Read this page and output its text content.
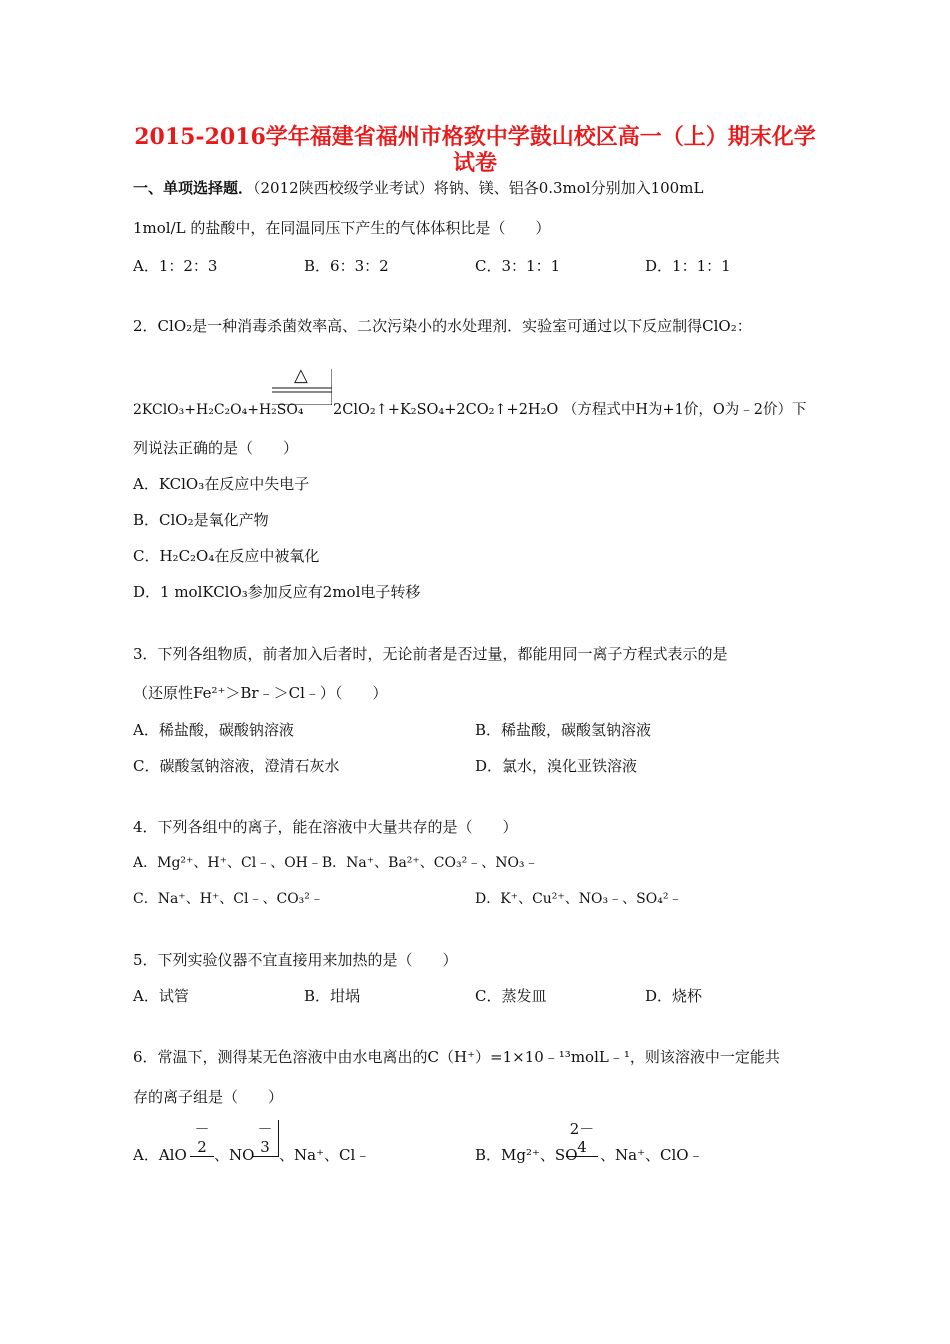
2015-2016学年福建省福州市格致中学鼓山校区高一（上）期末化学
试卷
一、单项选择题．（2012陕西校级学业考试）将钠、镁、铝各0.3mol分别加入100mL
1mol/L 的盐酸中，在同温同压下产生的气体体积比是（　　）
A．1：2：3	B．6：3：2	C．3：1：1	D．1：1：1
2．ClO₂是一种消毒杀菌效率高、二次污染小的水处理剂．实验室可通过以下反应制得ClO₂：
△
2KClO₃+H₂C₂O₄+H₂SO₄ 2ClO₂↑+K₂SO₄+2CO₂↑+2H₂O （方程式中H为+1价，O为﹣2价）下
列说法正确的是（　　）
A．KClO₃在反应中失电子
B．ClO₂是氧化产物
C．H₂C₂O₄在反应中被氧化
D．1 molKClO₃参加反应有2mol电子转移
3．下列各组物质，前者加入后者时，无论前者是否过量，都能用同一离子方程式表示的是
（还原性Fe²⁺＞Br﹣＞Cl﹣）（　　）
A．稀盐酸，碳酸钠溶液	B．稀盐酸，碳酸氢钠溶液
C．碳酸氢钠溶液，澄清石灰水	D．氯水，溴化亚铁溶液
4．下列各组中的离子，能在溶液中大量共存的是（　　）
A．Mg²⁺、H⁺、Cl﹣、OH﹣B．Na⁺、Ba²⁺、CO₃²﹣、NO₃﹣
C．Na⁺、H⁺、Cl﹣、CO₃²﹣	D．K⁺、Cu²⁺、NO₃﹣、SO₄²﹣
5．下列实验仪器不宜直接用来加热的是（　　）
A．试管	B．坩埚	C．蒸发皿	D．烧杯
6．常温下，测得某无色溶液中由水电离出的C（H⁺）=1×10﹣¹³molL﹣¹，则该溶液中一定能共
存的离子组是（　　）
A．AlO
－
2 、NO
－
3 、Na⁺、Cl﹣	B．Mg²⁺、SO
2－
4 、Na⁺、ClO﹣
